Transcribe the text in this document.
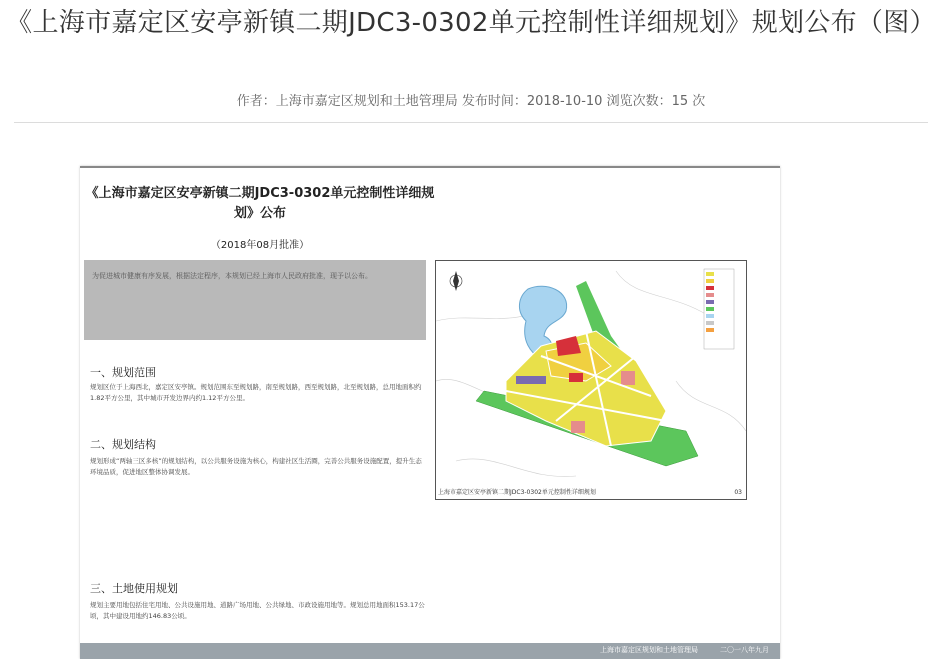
《上海市嘉定区安亭新镇二期JDC3-0302单元控制性详细规划》规划公布（图）
作者：上海市嘉定区规划和土地管理局 发布时间：2018-10-10 浏览次数：15 次
《上海市嘉定区安亭新镇二期JDC3-0302单元控制性详细规划》公布
（2018年08月批准）
为促进城市健康有序发展，根据法定程序，本规划已经上海市人民政府批准，现予以公布。
一、规划范围
规划区位于上海西北，嘉定区安亭镇。规划范围东至规划路，南至规划路，西至规划路，北至规划路，总用地面积约1.82平方公里，其中城市开发边界内约1.12平方公里。
二、规划结构
规划形成“两轴三区多核”的规划结构，以公共服务设施为核心，构建社区生活圈，完善公共服务设施配置，提升生态环境品质，促进地区整体协调发展。
三、土地使用规划
规划主要用地包括住宅用地、公共设施用地、道路广场用地、公共绿地、市政设施用地等。规划总用地面积153.17公顷，其中建设用地约146.83公顷。
上海市嘉定区安亭新镇二期JDC3-0302单元控制性详细规划	03
上海市嘉定区规划和土地管理局	二〇一八年九月
